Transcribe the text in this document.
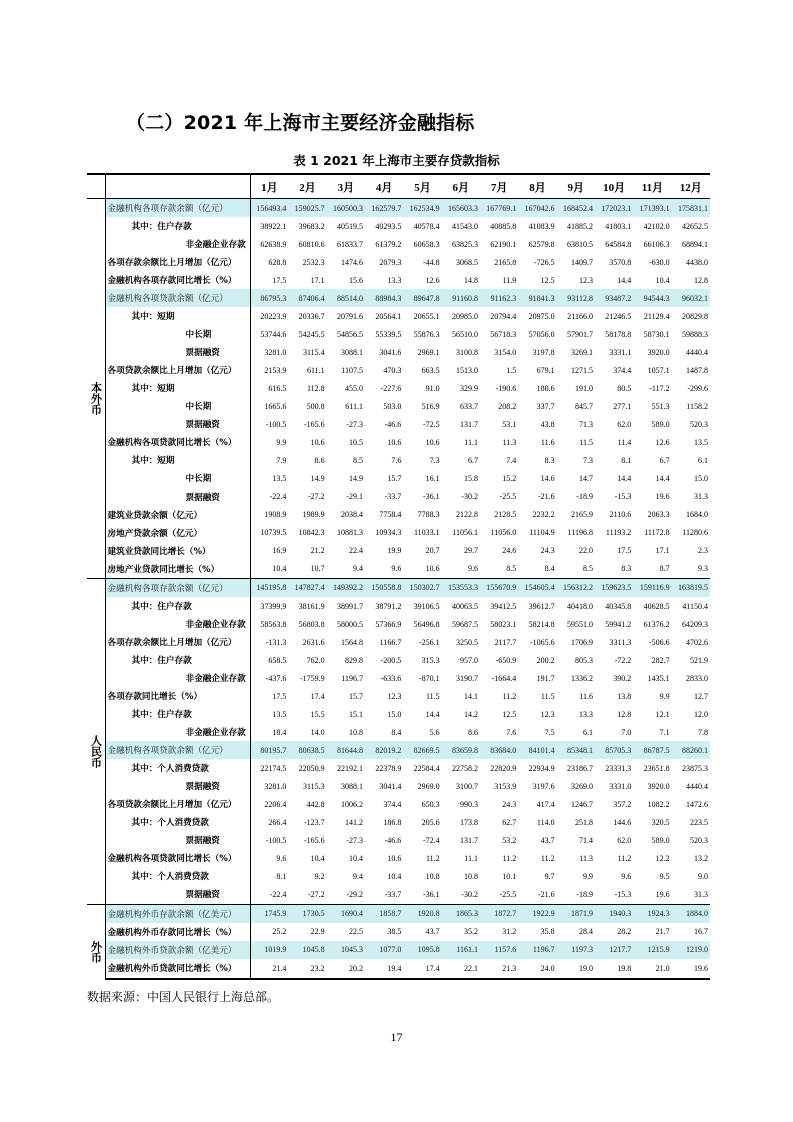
（二）2021 年上海市主要经济金融指标
表 1 2021 年上海市主要存贷款指标
		1月	2月	3月	4月	5月	6月	7月	8月	9月	10月	11月	12月
本外币	金融机构各项存款余额（亿元）	156493.4	159025.7	160500.3	162579.7	162534.9	165603.3	167769.1	167042.6	168452.4	172023.1	171393.1	175831.1
	其中：住户存款	38922.1	39683.2	40519.5	40293.5	40578.4	41543.0	40885.8	41083.9	41885.2	41803.1	42102.0	42652.5
	非金融企业存款	62638.9	60810.6	61833.7	61379.2	60658.3	63825.3	62190.1	62579.8	63810.5	64584.8	66106.3	68894.1
	各项存款余额比上月增加（亿元）	628.8	2532.3	1474.6	2079.3	-44.8	3068.5	2165.8	-726.5	1409.7	3570.8	-630.0	4438.0
	金融机构各项存款同比增长（%）	17.5	17.1	15.6	13.3	12.6	14.8	11.9	12.5	12.3	14.4	10.4	12.8
	金融机构各项贷款余额（亿元）	86795.3	87406.4	88514.0	88984.3	89647.8	91160.8	91162.3	91841.3	93112.8	93487.2	94544.3	96032.1
	其中：短期	20223.9	20336.7	20791.6	20564.1	20655.1	20985.0	20794.4	20975.0	21166.0	21246.5	21129.4	20829.8
	中长期	53744.6	54245.5	54856.5	55339.5	55876.3	56510.0	56718.3	57056.0	57901.7	58178.8	58730.1	59888.3
	票据融资	3281.0	3115.4	3088.1	3041.6	2969.1	3100.8	3154.0	3197.8	3269.1	3331.1	3920.0	4440.4
	各项贷款余额比上月增加（亿元）	2153.9	611.1	1107.5	470.3	663.5	1513.0	1.5	679.1	1271.5	374.4	1057.1	1487.8
	其中：短期	616.5	112.8	455.0	-227.6	91.0	329.9	-190.6	180.6	191.0	80.5	-117.2	-299.6
	中长期	1665.6	500.8	611.1	503.0	516.9	633.7	208.2	337.7	845.7	277.1	551.3	1158.2
	票据融资	-100.5	-165.6	-27.3	-46.6	-72.5	131.7	53.1	43.8	71.3	62.0	589.0	520.3
	金融机构各项贷款同比增长（%）	9.9	10.6	10.5	10.6	10.6	11.1	11.3	11.6	11.5	11.4	12.6	13.5
	其中：短期	7.9	8.6	8.5	7.6	7.3	6.7	7.4	8.3	7.3	8.1	6.7	6.1
	中长期	13.5	14.9	14.9	15.7	16.1	15.8	15.2	14.6	14.7	14.4	14.4	15.0
	票据融资	-22.4	-27.2	-29.1	-33.7	-36.1	-30.2	-25.5	-21.6	-18.9	-15.3	19.6	31.3
	建筑业贷款余额（亿元）	1908.9	1989.9	2038.4	7758.4	7788.3	2122.8	2128.5	2232.2	2165.9	2110.6	2063.3	1684.0
	房地产贷款余额（亿元）	10739.5	10842.3	10881.3	10934.3	11033.1	11056.1	11056.0	11104.9	11196.8	11193.2	11172.8	11280.6
	建筑业贷款同比增长（%）	16.9	21.2	22.4	19.9	20.7	29.7	24.6	24.3	22.0	17.5	17.1	2.3
	房地产业贷款同比增长（%）	10.4	10.7	9.4	9.6	10.6	9.6	8.5	8.4	8.5	8.3	8.7	9.3
人民币	金融机构各项存款余额（亿元）	145195.8	147827.4	149392.2	150558.8	150302.7	153553.3	155670.9	154605.4	156312.2	159623.5	159116.9	163819.5
	其中：住户存款	37399.9	38161.9	38991.7	38791.2	39106.5	40063.5	39412.5	39612.7	40418.0	40345.8	40628.5	41150.4
	非金融企业存款	58563.8	56803.8	58000.5	57366.9	56496.8	59687.5	58023.1	58214.8	59551.0	59941.2	61376.2	64209.3
	各项存款余额比上月增加（亿元）	-131.3	2631.6	1564.8	1166.7	-256.1	3250.5	2117.7	-1065.6	1706.9	3311.3	-506.6	4702.6
	其中：住户存款	658.5	762.0	829.8	-200.5	315.3	957.0	-650.9	200.2	805.3	-72.2	282.7	521.9
	非金融企业存款	-437.6	-1759.9	1196.7	-633.6	-870.1	3190.7	-1664.4	191.7	1336.2	390.2	1435.1	2833.0
	各项存款同比增长（%）	17.5	17.4	15.7	12.3	11.5	14.1	11.2	11.5	11.6	13.8	9.9	12.7
	其中：住户存款	13.5	15.5	15.1	15.0	14.4	14.2	12.5	12.3	13.3	12.8	12.1	12.0
	非金融企业存款	18.4	14.0	10.8	8.4	5.6	8.6	7.6	7.5	6.1	7.0	7.1	7.8
	金融机构各项贷款余额（亿元）	80195.7	80638.5	81644.8	82019.2	82669.5	83659.8	83684.0	84101.4	85348.1	85705.3	86787.5	88260.1
	其中：个人消费贷款	22174.5	22050.9	22192.1	22378.9	22584.4	22758.2	22820.9	22934.9	23186.7	23331.3	23651.8	23875.3
	票据融资	3281.0	3115.3	3088.1	3041.4	2969.0	3100.7	3153.9	3197.6	3269.0	3331.0	3920.0	4440.4
	各项贷款余额比上月增加（亿元）	2206.4	442.8	1006.2	374.4	650.3	990.3	24.3	417.4	1246.7	357.2	1082.2	1472.6
	其中：个人消费贷款	266.4	-123.7	141.2	186.8	205.6	173.8	62.7	114.0	251.8	144.6	320.5	223.5
	票据融资	-100.5	-165.6	-27.3	-46.6	-72.4	131.7	53.2	43.7	71.4	62.0	589.0	520.3
	金融机构各项贷款同比增长（%）	9.6	10.4	10.4	10.6	11.2	11.1	11.2	11.2	11.3	11.2	12.2	13.2
	其中：个人消费贷款	8.1	9.2	9.4	10.4	10.8	10.8	10.1	9.7	9.9	9.6	9.5	9.0
	票据融资	-22.4	-27.2	-29.2	-33.7	-36.1	-30.2	-25.5	-21.6	-18.9	-15.3	19.6	31.3
外币	金融机构外币存款余额（亿美元）	1745.9	1730.5	1690.4	1858.7	1920.8	1865.3	1872.7	1922.9	1871.9	1940.3	1924.3	1884.0
	金融机构外币存款同比增长（%）	25.2	22.9	22.5	38.5	43.7	35.2	31.2	35.8	28.4	28.2	21.7	16.7
	金融机构外币贷款余额（亿美元）	1019.9	1045.8	1045.3	1077.0	1095.8	1161.1	1157.6	1196.7	1197.3	1217.7	1215.9	1219.0
	金融机构外币贷款同比增长（%）	21.4	23.2	20.2	19.4	17.4	22.1	21.3	24.0	19.0	19.8	21.0	19.6
数据来源：中国人民银行上海总部。
17
